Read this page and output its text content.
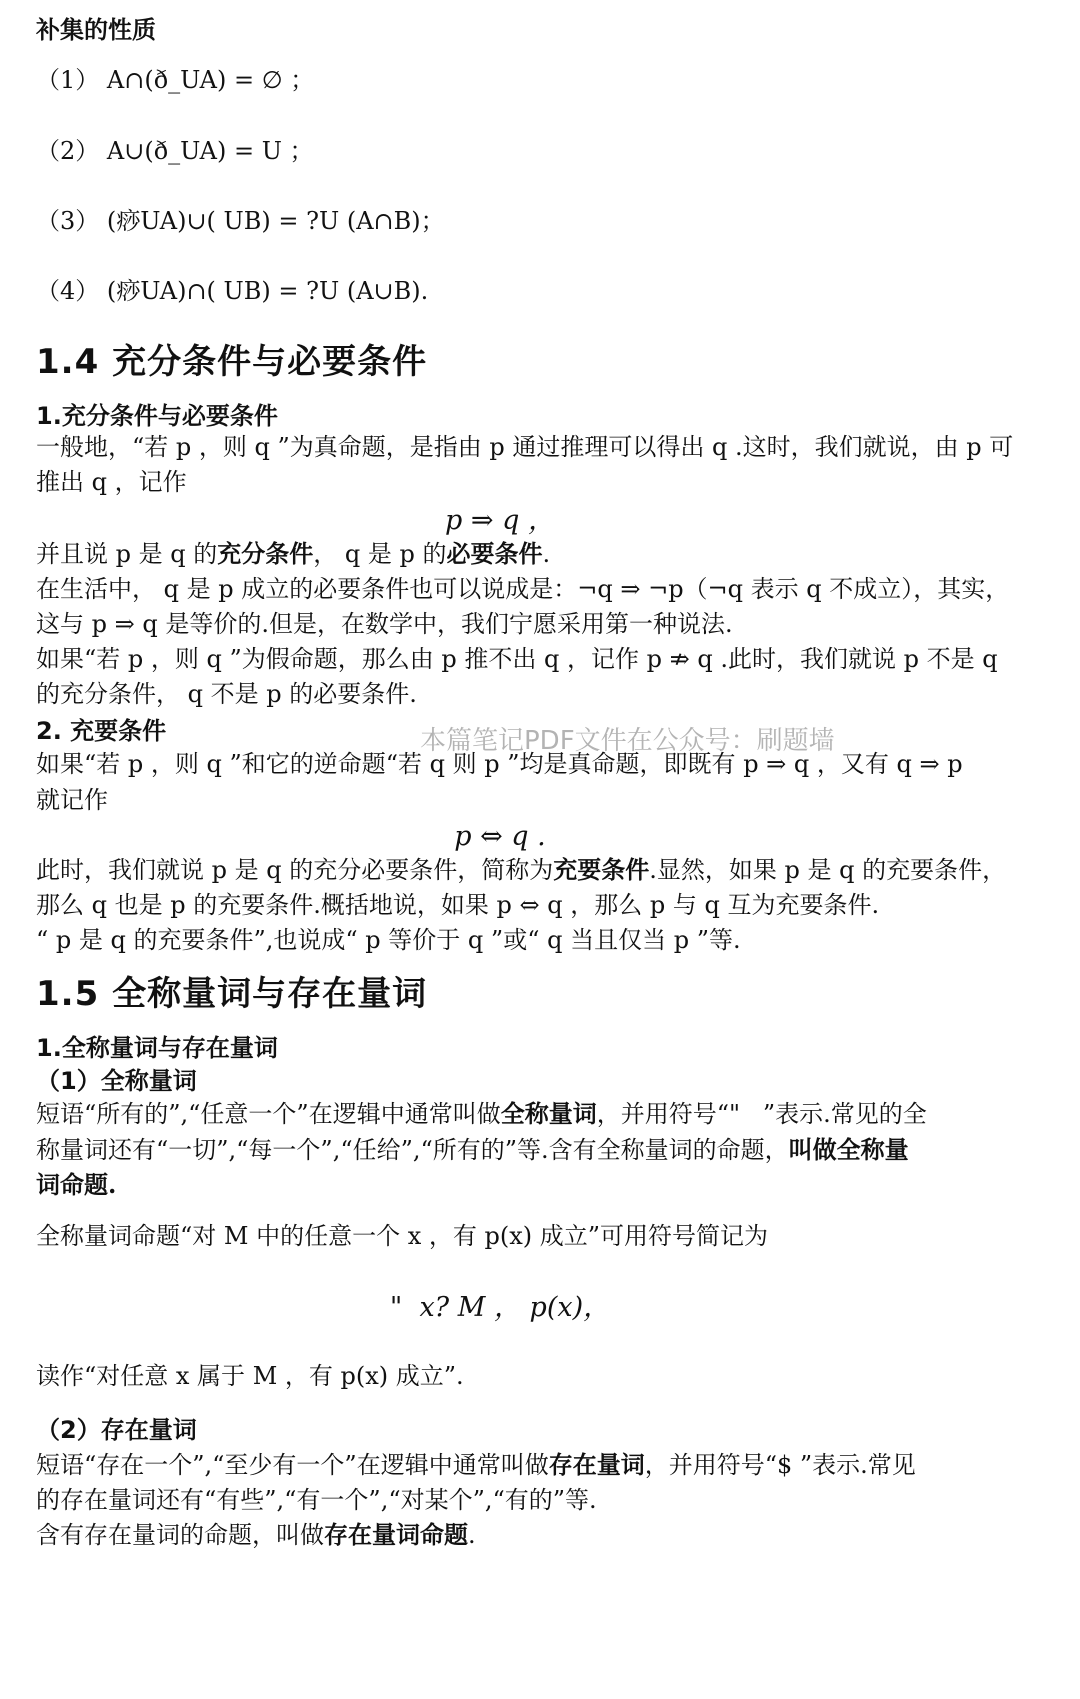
补集的性质
（1） A∩(ð_UA) = ∅ ；
（2） A∪(ð_UA) = U ；
（3） (痧UA)∪( UB) = ?U (A∩B)；
（4） (痧UA)∩( UB) = ?U (A∪B).
1.4 充分条件与必要条件
1.充分条件与必要条件
一般地，“若 p ，则 q ”为真命题，是指由 p 通过推理可以得出 q .这时，我们就说，由 p 可
推出 q ，记作
p ⇒ q ，
并且说 p 是 q 的充分条件， q 是 p 的必要条件.
在生活中， q 是 p 成立的必要条件也可以说成是：¬q ⇒ ¬p（¬q 表示 q 不成立），其实，
这与 p ⇒ q 是等价的.但是，在数学中，我们宁愿采用第一种说法.
如果“若 p ，则 q ”为假命题，那么由 p 推不出 q ，记作 p ⇏ q .此时，我们就说 p 不是 q
的充分条件， q 不是 p 的必要条件.
2. 充要条件
如果“若 p ，则 q ”和它的逆命题“若 q 则 p ”均是真命题，即既有 p ⇒ q ，又有 q ⇒ p
就记作
p ⇔ q .
此时，我们就说 p 是 q 的充分必要条件，简称为充要条件.显然，如果 p 是 q 的充要条件，
那么 q 也是 p 的充要条件.概括地说，如果 p ⇔ q ，那么 p 与 q 互为充要条件.
“ p 是 q 的充要条件”,也说成“ p 等价于 q ”或“ q 当且仅当 p ”等.
1.5 全称量词与存在量词
1.全称量词与存在量词
（1）全称量词
短语“所有的”,“任意一个”在逻辑中通常叫做全称量词，并用符号“"   ”表示.常见的全
称量词还有“一切”,“每一个”,“任给”,“所有的”等.含有全称量词的命题，叫做全称量
词命题.
全称量词命题“对 M 中的任意一个 x ，有 p(x) 成立”可用符号简记为
"  x? M ， p(x)，
读作“对任意 x 属于 M ，有 p(x) 成立”.
（2）存在量词
短语“存在一个”,“至少有一个”在逻辑中通常叫做存在量词，并用符号“$ ”表示.常见
的存在量词还有“有些”,“有一个”,“对某个”,“有的”等.
含有存在量词的命题，叫做存在量词命题.
本篇笔记PDF文件在公众号：刷题墙
